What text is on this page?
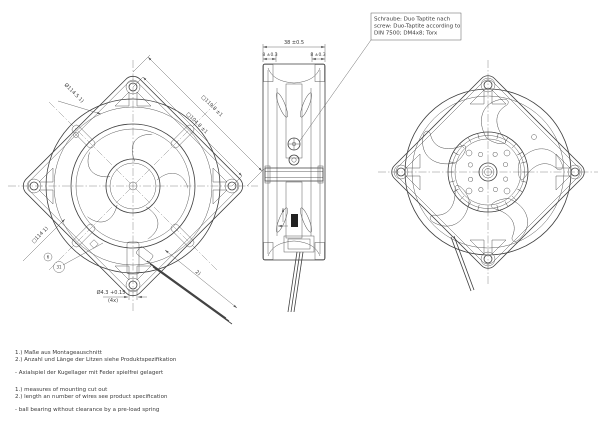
□119.8 ±1
□104.8 ±1
Ø114.5 1)
□114 1)
Ø4.3 +0.15
(4x)
2)
6
31
38 ±0.5
8 ±0.3	8 ±0.3
Schraube: Duo Taptite nach
screw: Duo-Taptite according to
DIN 7500; DM4x8; Torx
1.) Maße aus Montageauschnitt
2.) Anzahl und Länge der Litzen siehe Produktspezifikation
- Axialspiel der Kugellager mit Feder spielfrei gelagert
1.) measures of mounting cut out
2.) length an number of wires see product specification
- ball bearing without clearance by a pre-load spring
